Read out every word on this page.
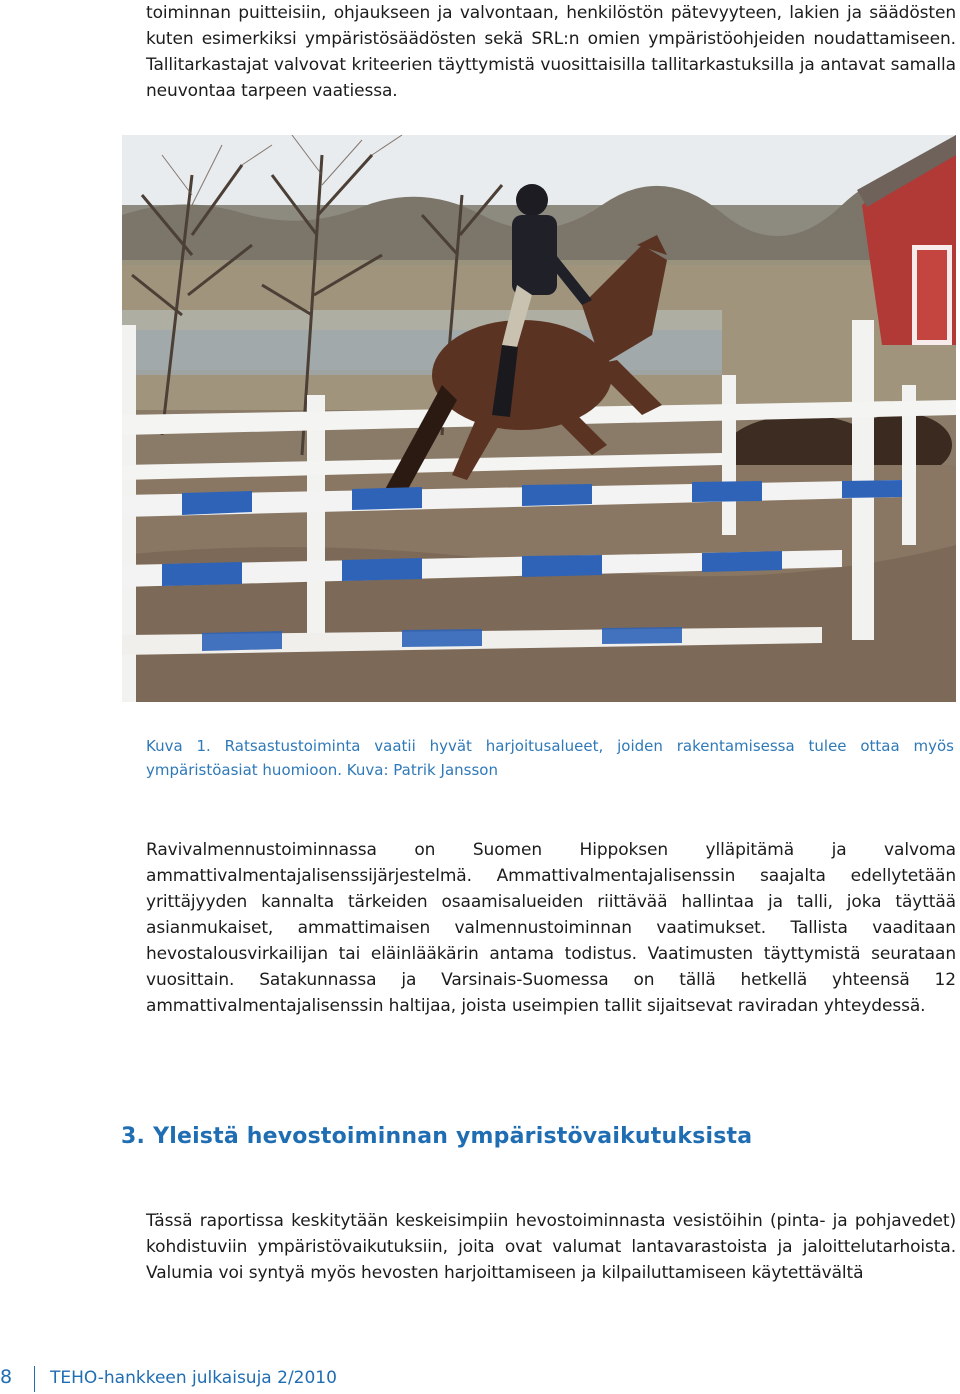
toiminnan puitteisiin, ohjaukseen ja valvontaan, henkilöstön pätevyyteen, lakien ja säädösten kuten esimerkiksi ympäristösäädösten sekä SRL:n omien ympäristöohjeiden noudattamiseen. Tallitarkastajat valvovat kriteerien täyttymistä vuosittaisilla tallitarkastuksilla ja antavat samalla neuvontaa tarpeen vaatiessa.

Kuva 1. Ratsastustoiminta vaatii hyvät harjoitusalueet, joiden rakentamisessa tulee ottaa myös ympäristöasiat huomioon. Kuva: Patrik Jansson

Ravivalmennustoiminnassa on Suomen Hippoksen ylläpitämä ja valvoma ammattivalmentajalisenssijärjestelmä. Ammattivalmentajalisenssin saajalta edellytetään yrittäjyyden kannalta tärkeiden osaamisalueiden riittävää hallintaa ja talli, joka täyttää asianmukaiset, ammattimaisen valmennustoiminnan vaatimukset. Tallista vaaditaan hevostalousvirkailijan tai eläinlääkärin antama todistus. Vaatimusten täyttymistä seurataan vuosittain. Satakunnassa ja Varsinais-Suomessa on tällä hetkellä yhteensä 12 ammattivalmentajalisenssin haltijaa, joista useimpien tallit sijaitsevat raviradan yhteydessä.

3. Yleistä hevostoiminnan ympäristövaikutuksista

Tässä raportissa keskitytään keskeisimpiin hevostoiminnasta vesistöihin (pinta- ja pohjavedet) kohdistuviin ympäristövaikutuksiin, joita ovat valumat lantavarastoista ja jaloittelutarhoista. Valumia voi syntyä myös hevosten harjoittamiseen ja kilpailuttamiseen käytettävältä

8 TEHO-hankkeen julkaisuja 2/2010
